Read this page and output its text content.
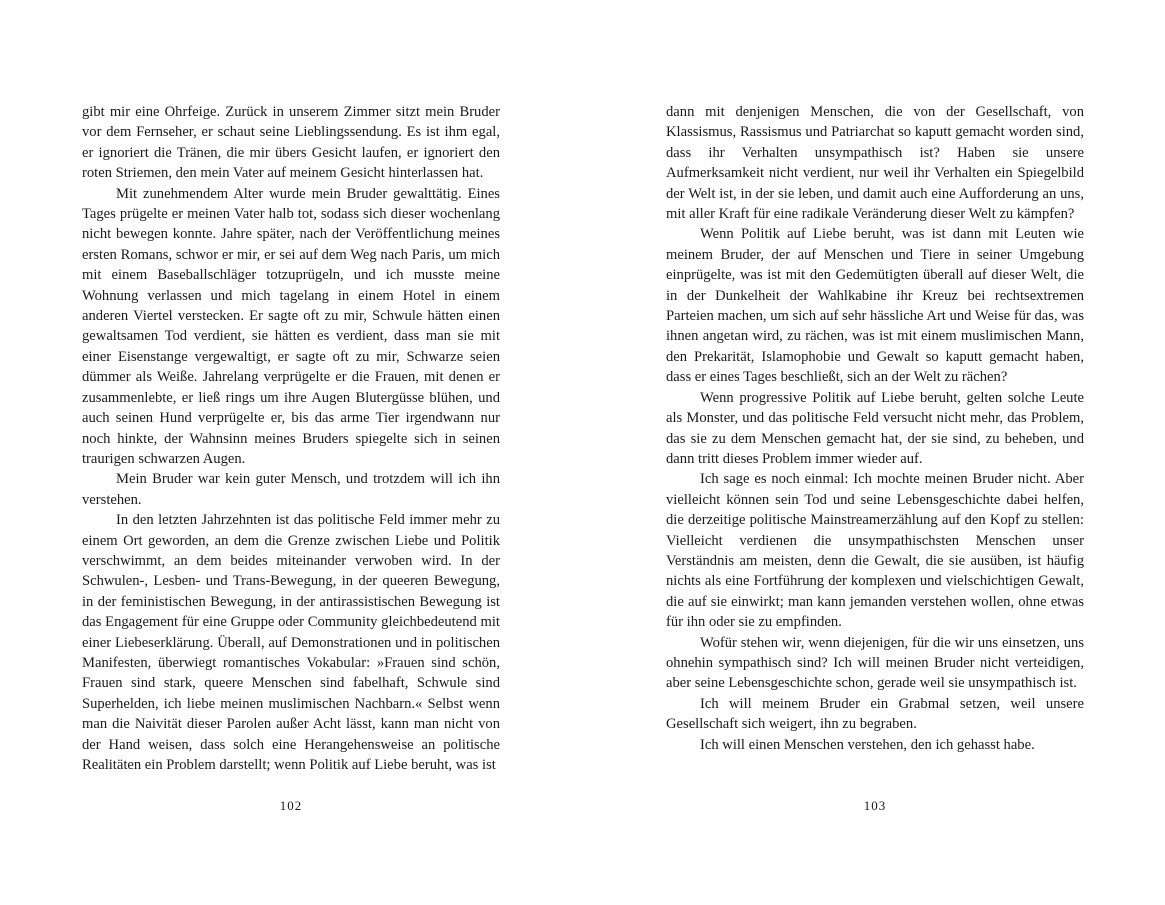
gibt mir eine Ohrfeige. Zurück in unserem Zimmer sitzt mein Bruder vor dem Fernseher, er schaut seine Lieblingssendung. Es ist ihm egal, er ignoriert die Tränen, die mir übers Gesicht laufen, er ignoriert den roten Striemen, den mein Vater auf meinem Gesicht hinterlassen hat.

Mit zunehmendem Alter wurde mein Bruder gewalttätig. Eines Tages prügelte er meinen Vater halb tot, sodass sich dieser wochenlang nicht bewegen konnte. Jahre später, nach der Veröffentlichung meines ersten Romans, schwor er mir, er sei auf dem Weg nach Paris, um mich mit einem Baseballschläger totzuprügeln, und ich musste meine Wohnung verlassen und mich tagelang in einem Hotel in einem anderen Viertel verstecken. Er sagte oft zu mir, Schwule hätten einen gewaltsamen Tod verdient, sie hätten es verdient, dass man sie mit einer Eisenstange vergewaltigt, er sagte oft zu mir, Schwarze seien dümmer als Weiße. Jahrelang verprügelte er die Frauen, mit denen er zusammenlebte, er ließ rings um ihre Augen Blutergüsse blühen, und auch seinen Hund verprügelte er, bis das arme Tier irgendwann nur noch hinkte, der Wahnsinn meines Bruders spiegelte sich in seinen traurigen schwarzen Augen.

Mein Bruder war kein guter Mensch, und trotzdem will ich ihn verstehen.

In den letzten Jahrzehnten ist das politische Feld immer mehr zu einem Ort geworden, an dem die Grenze zwischen Liebe und Politik verschwimmt, an dem beides miteinander verwoben wird. In der Schwulen-, Lesben- und Trans-Bewegung, in der queeren Bewegung, in der feministischen Bewegung, in der antirassistischen Bewegung ist das Engagement für eine Gruppe oder Community gleichbedeutend mit einer Liebeserklärung. Überall, auf Demonstrationen und in politischen Manifesten, überwiegt romantisches Vokabular: »Frauen sind schön, Frauen sind stark, queere Menschen sind fabelhaft, Schwule sind Superhelden, ich liebe meinen muslimischen Nachbarn.« Selbst wenn man die Naivität dieser Parolen außer Acht lässt, kann man nicht von der Hand weisen, dass solch eine Herangehensweise an politische Realitäten ein Problem darstellt; wenn Politik auf Liebe beruht, was ist

102

dann mit denjenigen Menschen, die von der Gesellschaft, von Klassismus, Rassismus und Patriarchat so kaputt gemacht worden sind, dass ihr Verhalten unsympathisch ist? Haben sie unsere Aufmerksamkeit nicht verdient, nur weil ihr Verhalten ein Spiegelbild der Welt ist, in der sie leben, und damit auch eine Aufforderung an uns, mit aller Kraft für eine radikale Veränderung dieser Welt zu kämpfen?

Wenn Politik auf Liebe beruht, was ist dann mit Leuten wie meinem Bruder, der auf Menschen und Tiere in seiner Umgebung einprügelte, was ist mit den Gedemütigten überall auf dieser Welt, die in der Dunkelheit der Wahlkabine ihr Kreuz bei rechtsextremen Parteien machen, um sich auf sehr hässliche Art und Weise für das, was ihnen angetan wird, zu rächen, was ist mit einem muslimischen Mann, den Prekarität, Islamophobie und Gewalt so kaputt gemacht haben, dass er eines Tages beschließt, sich an der Welt zu rächen?

Wenn progressive Politik auf Liebe beruht, gelten solche Leute als Monster, und das politische Feld versucht nicht mehr, das Problem, das sie zu dem Menschen gemacht hat, der sie sind, zu beheben, und dann tritt dieses Problem immer wieder auf.

Ich sage es noch einmal: Ich mochte meinen Bruder nicht. Aber vielleicht können sein Tod und seine Lebensgeschichte dabei helfen, die derzeitige politische Mainstreamerzählung auf den Kopf zu stellen: Vielleicht verdienen die unsympathischsten Menschen unser Verständnis am meisten, denn die Gewalt, die sie ausüben, ist häufig nichts als eine Fortführung der komplexen und vielschichtigen Gewalt, die auf sie einwirkt; man kann jemanden verstehen wollen, ohne etwas für ihn oder sie zu empfinden.

Wofür stehen wir, wenn diejenigen, für die wir uns einsetzen, uns ohnehin sympathisch sind? Ich will meinen Bruder nicht verteidigen, aber seine Lebensgeschichte schon, gerade weil sie unsympathisch ist.

Ich will meinem Bruder ein Grabmal setzen, weil unsere Gesellschaft sich weigert, ihn zu begraben.

Ich will einen Menschen verstehen, den ich gehasst habe.

103
